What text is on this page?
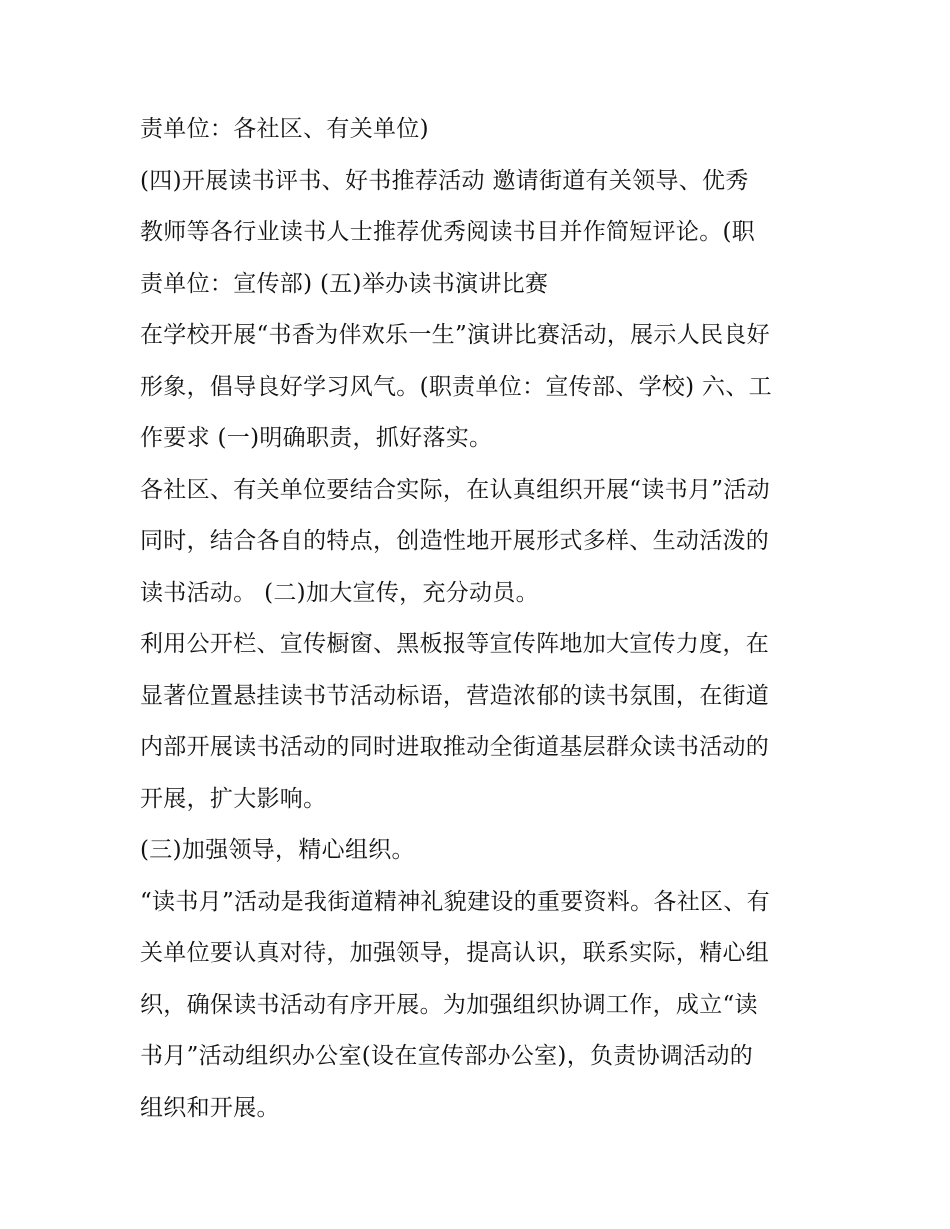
责单位：各社区、有关单位)
(四)开展读书评书、好书推荐活动 邀请街道有关领导、优秀
教师等各行业读书人士推荐优秀阅读书目并作简短评论。(职
责单位：宣传部) (五)举办读书演讲比赛
在学校开展“书香为伴欢乐一生”演讲比赛活动，展示人民良好
形象，倡导良好学习风气。(职责单位：宣传部、学校) 六、工
作要求 (一)明确职责，抓好落实。
各社区、有关单位要结合实际，在认真组织开展“读书月”活动
同时，结合各自的特点，创造性地开展形式多样、生动活泼的
读书活动。 (二)加大宣传，充分动员。
利用公开栏、宣传橱窗、黑板报等宣传阵地加大宣传力度，在
显著位置悬挂读书节活动标语，营造浓郁的读书氛围，在街道
内部开展读书活动的同时进取推动全街道基层群众读书活动的
开展，扩大影响。
(三)加强领导，精心组织。
“读书月”活动是我街道精神礼貌建设的重要资料。各社区、有
关单位要认真对待，加强领导，提高认识，联系实际，精心组
织，确保读书活动有序开展。为加强组织协调工作，成立“读
书月”活动组织办公室(设在宣传部办公室)，负责协调活动的
组织和开展。
